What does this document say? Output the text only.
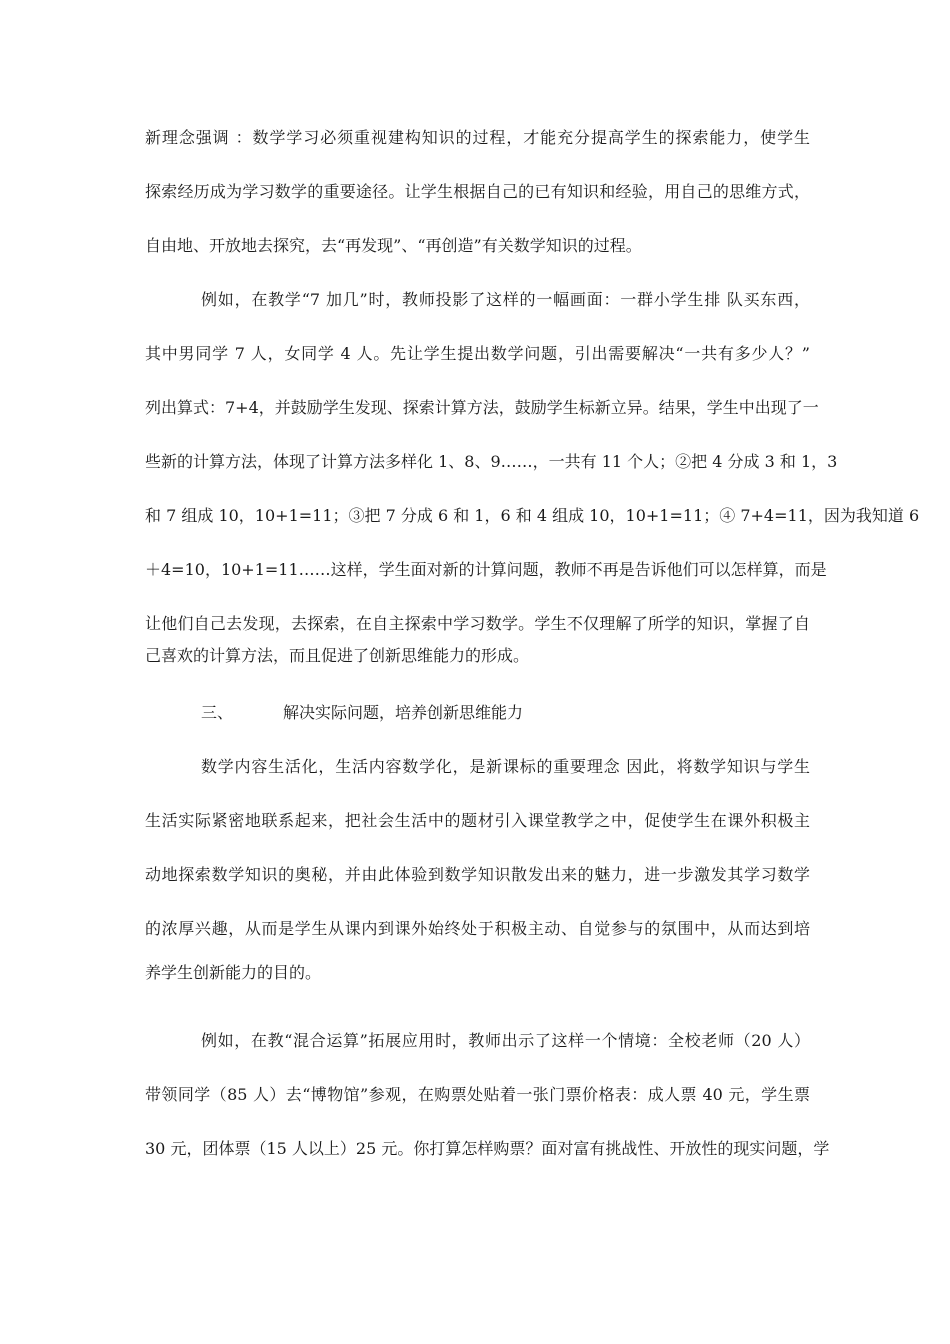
新理念强调 ：数学学习必须重视建构知识的过程，才能充分提高学生的探索能力，使学生
探索经历成为学习数学的重要途径。让学生根据自己的已有知识和经验，用自己的思维方式，
自由地、开放地去探究，去“再发现”、“再创造”有关数学知识的过程。
例如，在教学“7 加几”时，教师投影了这样的一幅画面：一群小学生排 队买东西，
其中男同学 7 人，女同学 4 人。先让学生提出数学问题，引出需要解决“一共有多少人？”
列出算式：7+4，并鼓励学生发现、探索计算方法，鼓励学生标新立异。结果，学生中出现了一
些新的计算方法，体现了计算方法多样化 1、8、9……，一共有 11 个人；②把 4 分成 3 和 1，3
和 7 组成 10，10+1=11；③把 7 分成 6 和 1，6 和 4 组成 10，10+1=11；④ 7+4=11，因为我知道 6
＋4=10，10+1=11……这样，学生面对新的计算问题，教师不再是告诉他们可以怎样算，而是
让他们自己去发现，去探索，在自主探索中学习数学。学生不仅理解了所学的知识，掌握了自
己喜欢的计算方法，而且促进了创新思维能力的形成。
三、	解决实际问题，培养创新思维能力
数学内容生活化，生活内容数学化，是新课标的重要理念 因此，将数学知识与学生
生活实际紧密地联系起来，把社会生活中的题材引入课堂教学之中，促使学生在课外积极主
动地探索数学知识的奥秘，并由此体验到数学知识散发出来的魅力，进一步激发其学习数学
的浓厚兴趣，从而是学生从课内到课外始终处于积极主动、自觉参与的氛围中，从而达到培
养学生创新能力的目的。
例如，在教“混合运算”拓展应用时，教师出示了这样一个情境：全校老师（20 人）
带领同学（85 人）去“博物馆”参观，在购票处贴着一张门票价格表：成人票 40 元，学生票
30 元，团体票（15 人以上）25 元。你打算怎样购票？面对富有挑战性、开放性的现实问题，学
